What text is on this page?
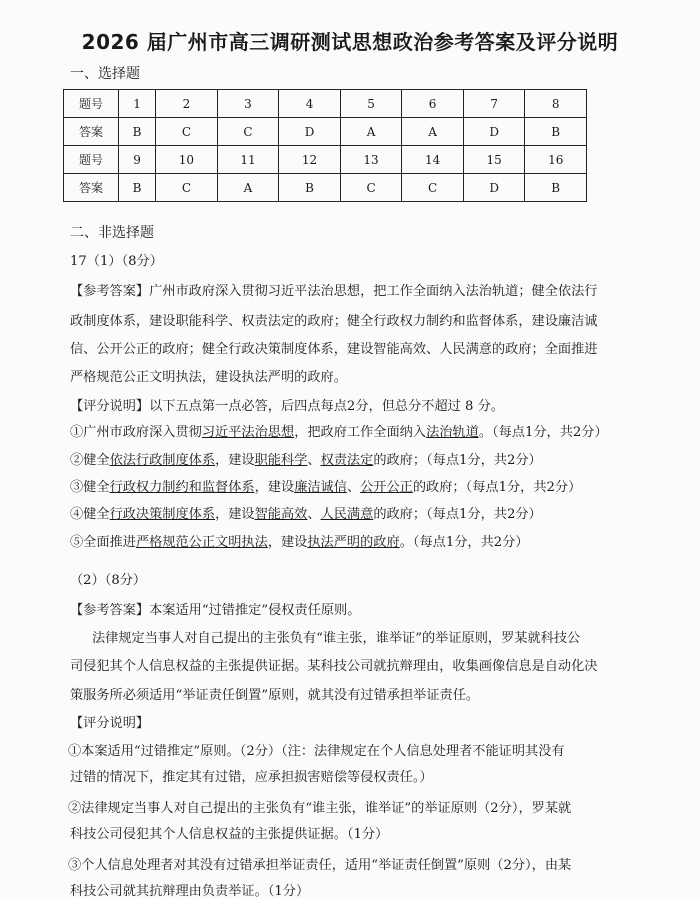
2026 届广州市高三调研测试思想政治参考答案及评分说明
一、选择题
题号	1	2	3	4	5	6	7	8
答案	B	C	C	D	A	A	D	B
题号	9	10	11	12	13	14	15	16
答案	B	C	A	B	C	C	D	B
二、非选择题
17（1）（8分）
【参考答案】广州市政府深入贯彻习近平法治思想，把工作全面纳入法治轨道；健全依法行
政制度体系，建设职能科学、权责法定的政府；健全行政权力制约和监督体系，建设廉洁诚
信、公开公正的政府；健全行政决策制度体系，建设智能高效、人民满意的政府；全面推进
严格规范公正文明执法，建设执法严明的政府。
【评分说明】以下五点第一点必答，后四点每点2分，但总分不超过 8 分。
①广州市政府深入贯彻习近平法治思想，把政府工作全面纳入法治轨道。（每点1分，共2分）
②健全依法行政制度体系，建设职能科学、权责法定的政府；（每点1分，共2分）
③健全行政权力制约和监督体系，建设廉洁诚信、公开公正的政府；（每点1分，共2分）
④健全行政决策制度体系，建设智能高效、人民满意的政府；（每点1分，共2分）
⑤全面推进严格规范公正文明执法，建设执法严明的政府。（每点1分，共2分）
（2）（8分）
【参考答案】本案适用“过错推定”侵权责任原则。
法律规定当事人对自己提出的主张负有“谁主张，谁举证”的举证原则，罗某就科技公
司侵犯其个人信息权益的主张提供证据。某科技公司就抗辩理由，收集画像信息是自动化决
策服务所必须适用“举证责任倒置”原则，就其没有过错承担举证责任。
【评分说明】
①本案适用“过错推定”原则。（2分）（注：法律规定在个人信息处理者不能证明其没有
过错的情况下，推定其有过错，应承担损害赔偿等侵权责任。）
②法律规定当事人对自己提出的主张负有“谁主张，谁举证”的举证原则（2分），罗某就
科技公司侵犯其个人信息权益的主张提供证据。（1分）
③个人信息处理者对其没有过错承担举证责任，适用“举证责任倒置”原则（2分），由某
科技公司就其抗辩理由负责举证。（1分）
